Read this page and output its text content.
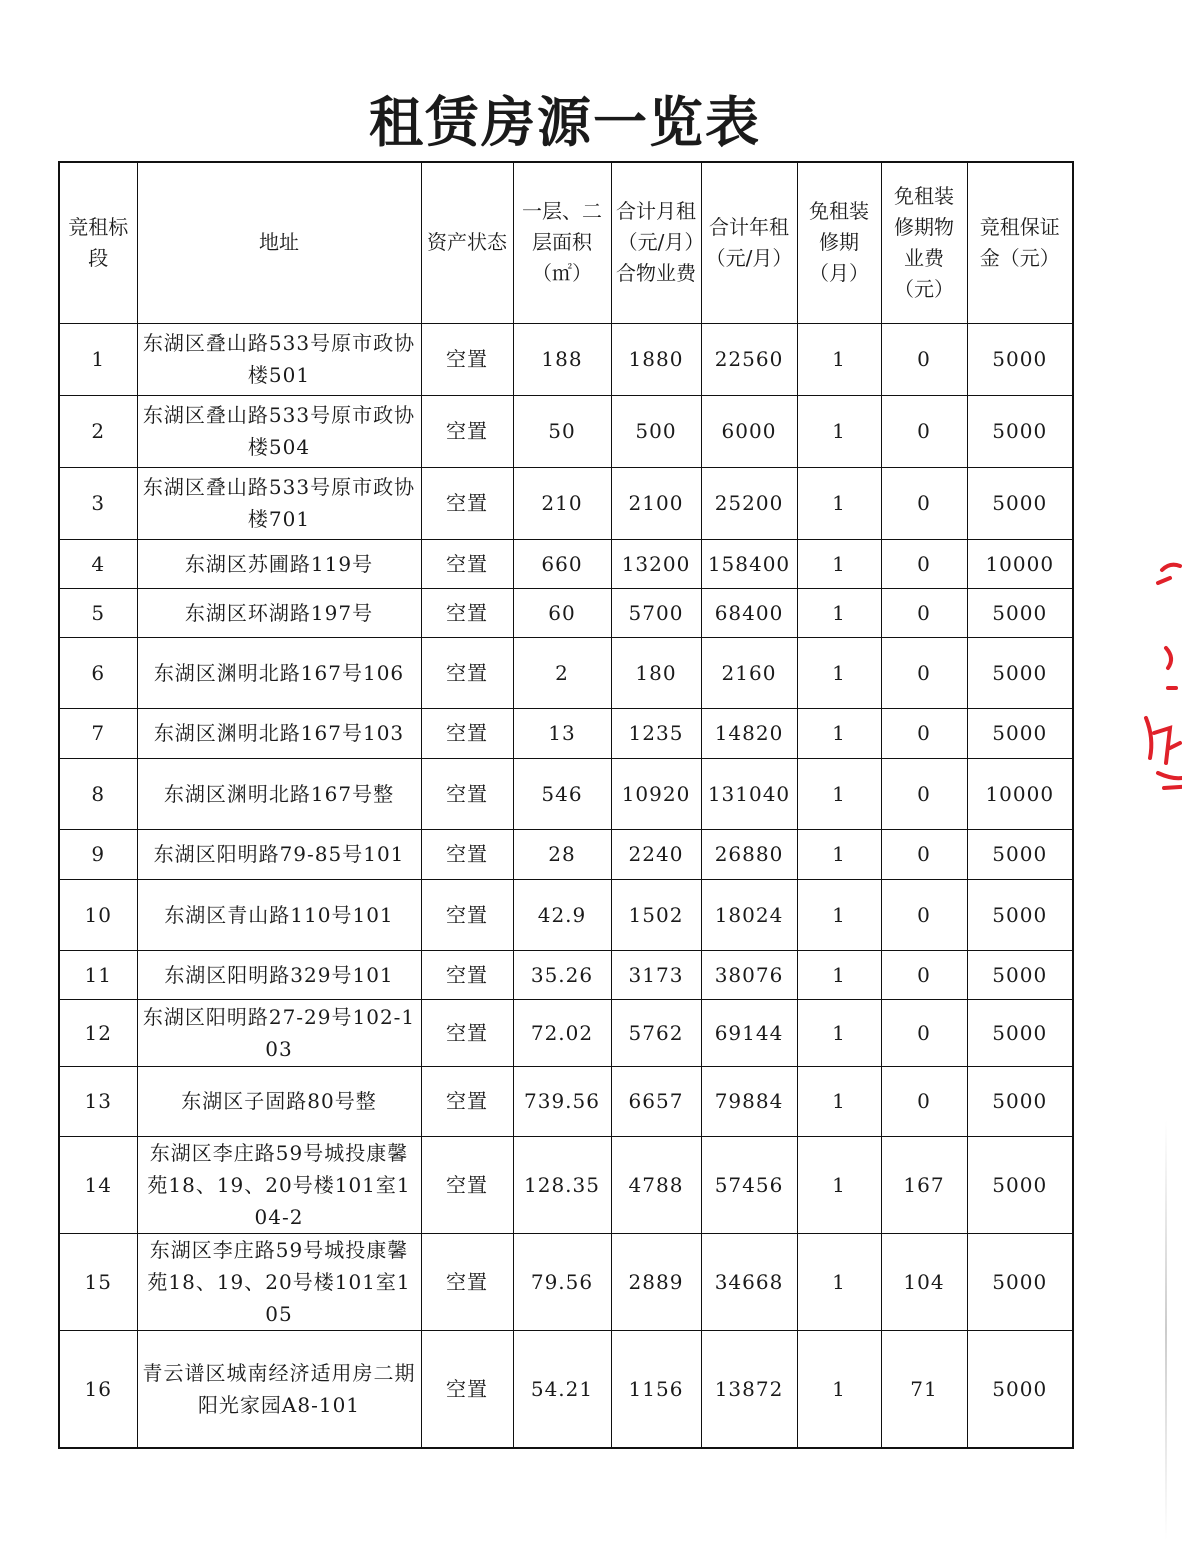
租赁房源一览表
竞租标段	地址	资产状态	一层、二层面积（㎡）	合计月租（元/月）合物业费	合计年租（元/月）	免租装修期（月）	免租装修期物业费（元）	竞租保证金（元）
1	东湖区叠山路533号原市政协楼501	空置	188	1880	22560	1	0	5000
2	东湖区叠山路533号原市政协楼504	空置	50	500	6000	1	0	5000
3	东湖区叠山路533号原市政协楼701	空置	210	2100	25200	1	0	5000
4	东湖区苏圃路119号	空置	660	13200	158400	1	0	10000
5	东湖区环湖路197号	空置	60	5700	68400	1	0	5000
6	东湖区渊明北路167号106	空置	2	180	2160	1	0	5000
7	东湖区渊明北路167号103	空置	13	1235	14820	1	0	5000
8	东湖区渊明北路167号整	空置	546	10920	131040	1	0	10000
9	东湖区阳明路79-85号101	空置	28	2240	26880	1	0	5000
10	东湖区青山路110号101	空置	42.9	1502	18024	1	0	5000
11	东湖区阳明路329号101	空置	35.26	3173	38076	1	0	5000
12	东湖区阳明路27-29号102-103	空置	72.02	5762	69144	1	0	5000
13	东湖区子固路80号整	空置	739.56	6657	79884	1	0	5000
14	东湖区李庄路59号城投康馨苑18、19、20号楼101室104-2	空置	128.35	4788	57456	1	167	5000
15	东湖区李庄路59号城投康馨苑18、19、20号楼101室105	空置	79.56	2889	34668	1	104	5000
16	青云谱区城南经济适用房二期阳光家园A8-101	空置	54.21	1156	13872	1	71	5000
